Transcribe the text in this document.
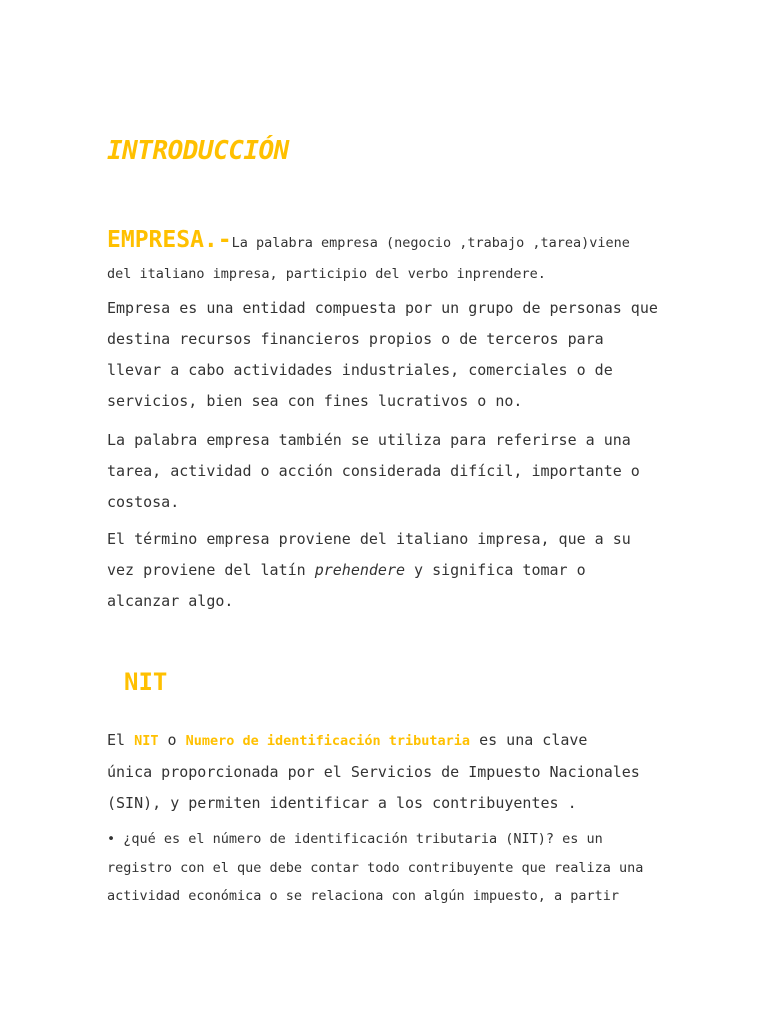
INTRODUCCIÓN
EMPRESA.-La palabra empresa (negocio ,trabajo ,tarea)viene
del italiano impresa, participio del verbo inprendere.
Empresa es una entidad compuesta por un grupo de personas que
destina recursos financieros propios o de terceros para
llevar a cabo actividades industriales, comerciales o de
servicios, bien sea con fines lucrativos o no.
La palabra empresa también se utiliza para referirse a una
tarea, actividad o acción considerada difícil, importante o
costosa.
El término empresa proviene del italiano impresa, que a su
vez proviene del latín prehendere y significa tomar o
alcanzar algo.
NIT
El NIT o Numero de identificación tributaria es una clave
única proporcionada por el Servicios de Impuesto Nacionales
(SIN), y permiten identificar a los contribuyentes .
• ¿qué es el número de identificación tributaria (NIT)? es un
registro con el que debe contar todo contribuyente que realiza una
actividad económica o se relaciona con algún impuesto, a partir
